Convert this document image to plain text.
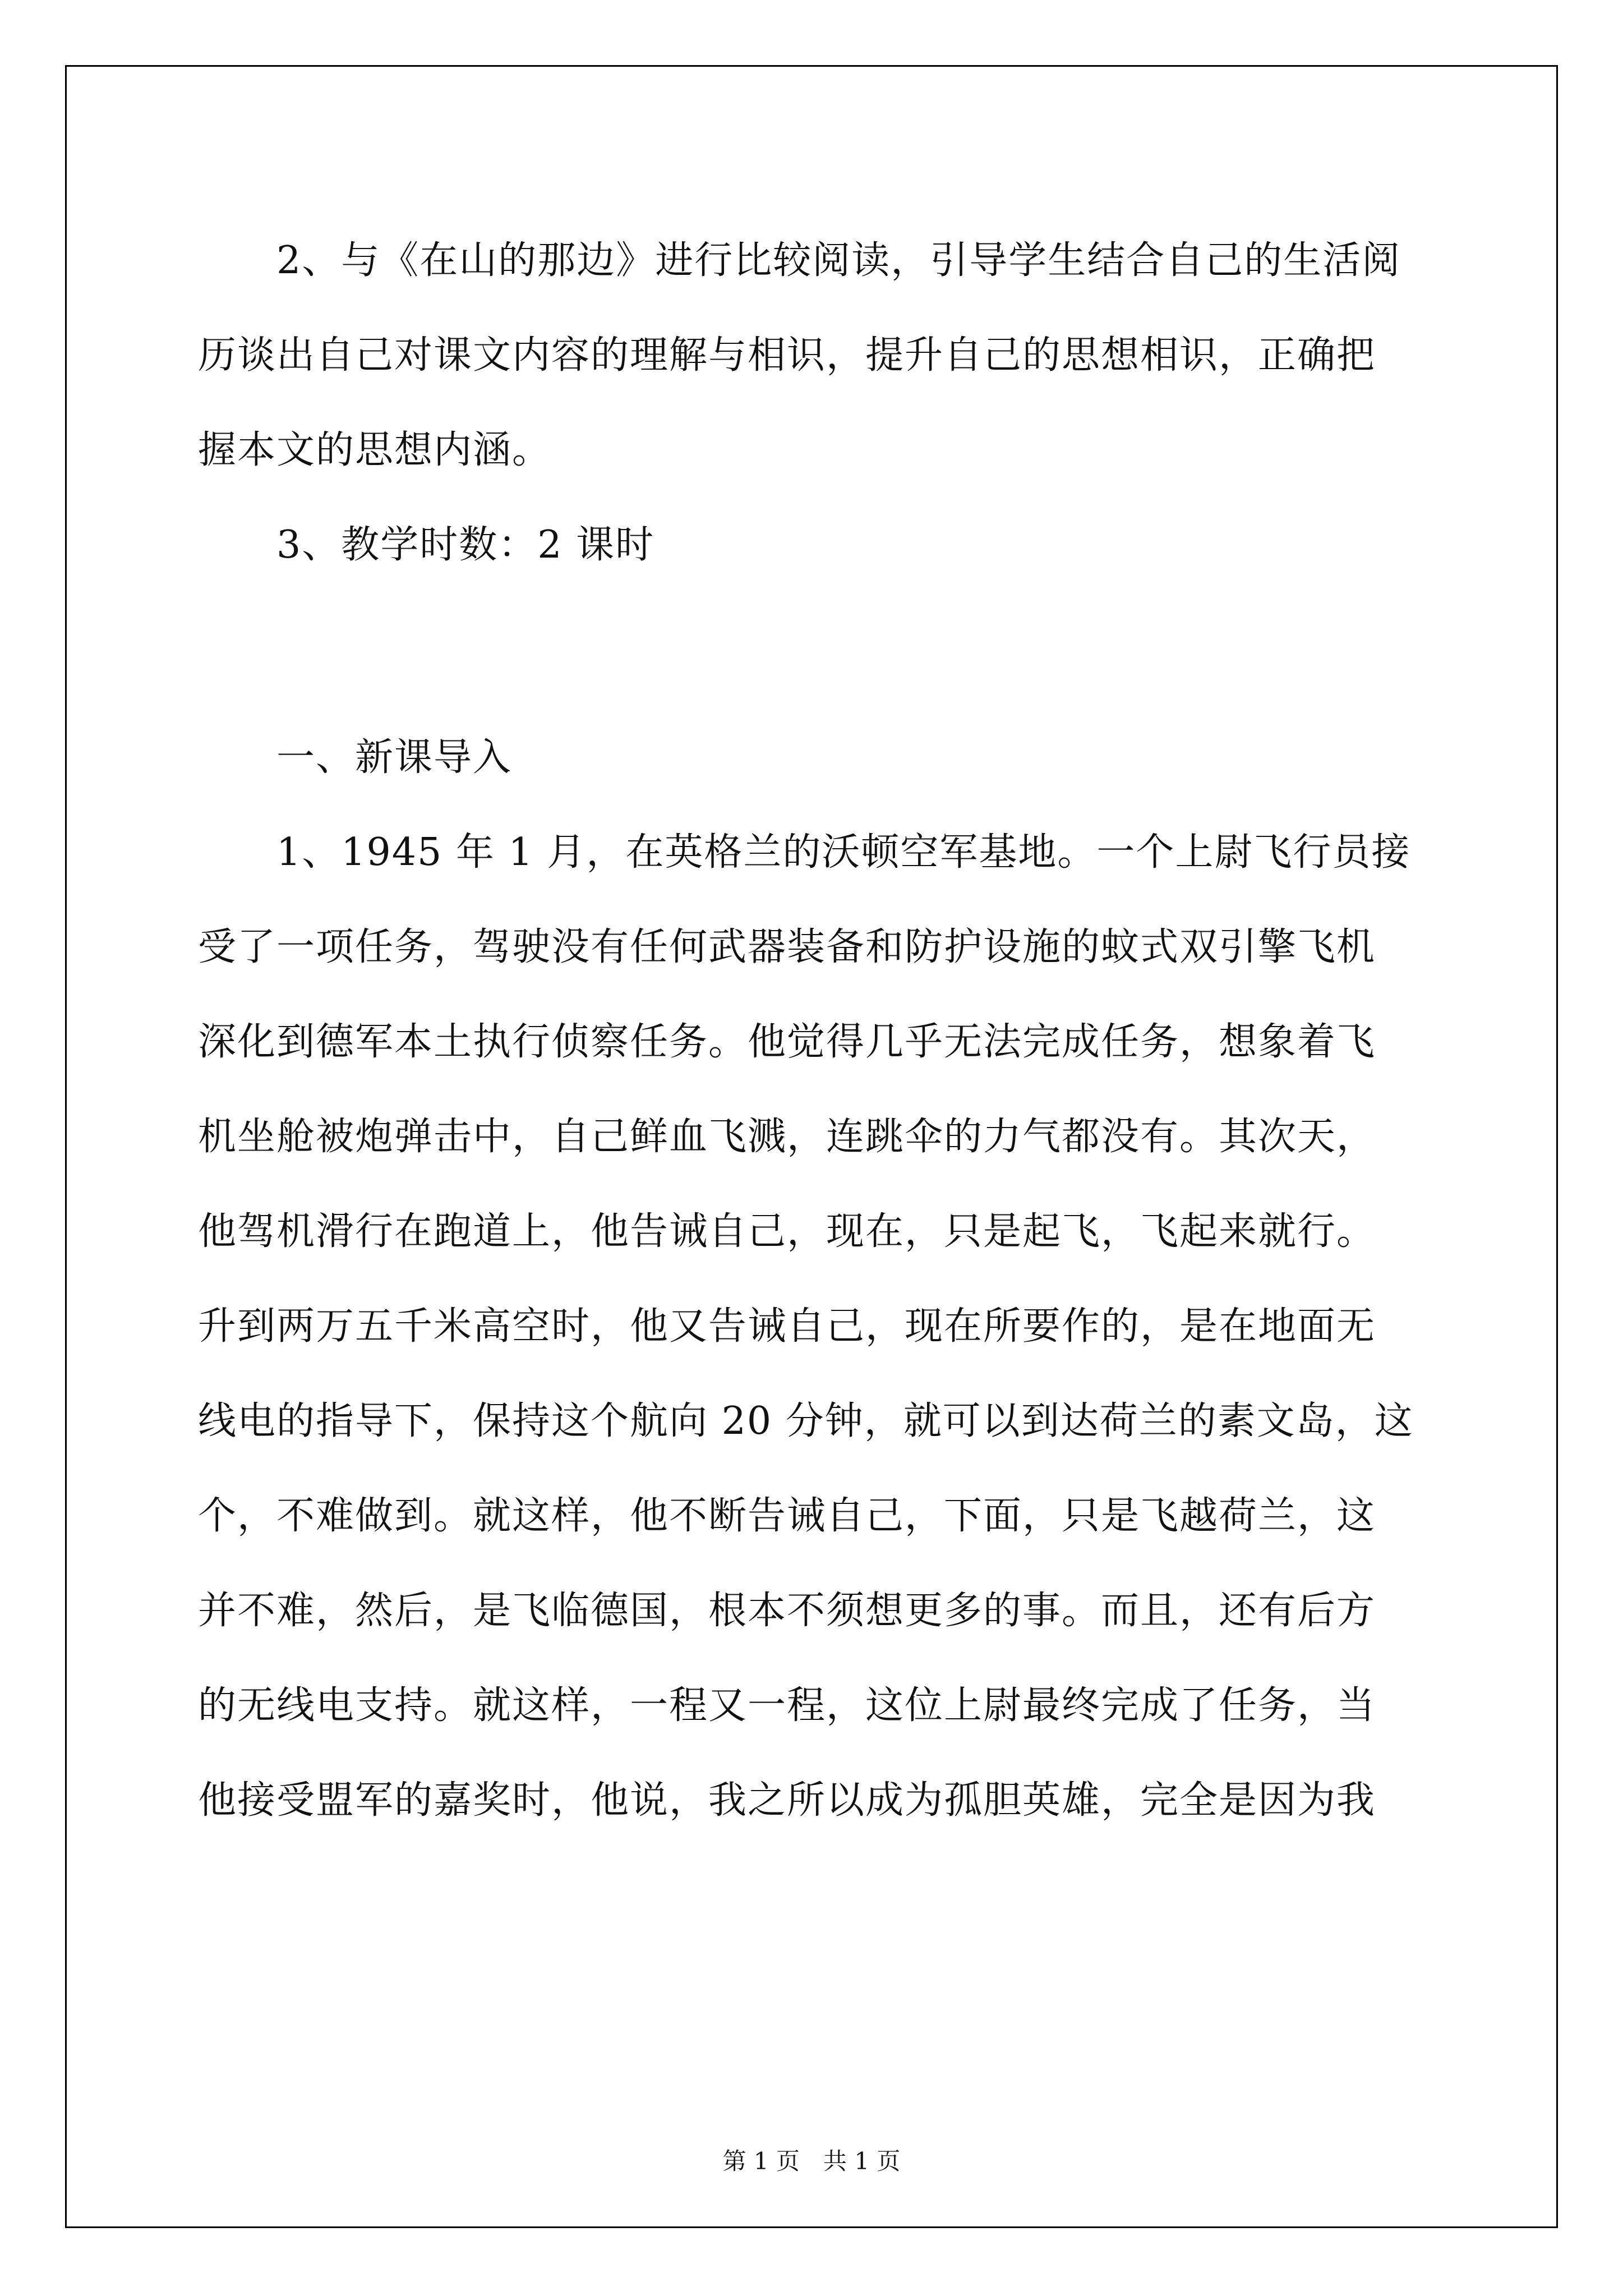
2、与《在山的那边》进行比较阅读，引导学生结合自己的生活阅
历谈出自己对课文内容的理解与相识，提升自己的思想相识，正确把
握本文的思想内涵。
3、教学时数：2 课时
一、新课导入
1、1945 年 1 月，在英格兰的沃顿空军基地。一个上尉飞行员接
受了一项任务，驾驶没有任何武器装备和防护设施的蚊式双引擎飞机
深化到德军本土执行侦察任务。他觉得几乎无法完成任务，想象着飞
机坐舱被炮弹击中，自己鲜血飞溅，连跳伞的力气都没有。其次天，
他驾机滑行在跑道上，他告诫自己，现在，只是起飞，飞起来就行。
升到两万五千米高空时，他又告诫自己，现在所要作的，是在地面无
线电的指导下，保持这个航向 20 分钟，就可以到达荷兰的素文岛，这
个，不难做到。就这样，他不断告诫自己，下面，只是飞越荷兰，这
并不难，然后，是飞临德国，根本不须想更多的事。而且，还有后方
的无线电支持。就这样，一程又一程，这位上尉最终完成了任务，当
他接受盟军的嘉奖时，他说，我之所以成为孤胆英雄，完全是因为我
第 1 页　共 1 页
